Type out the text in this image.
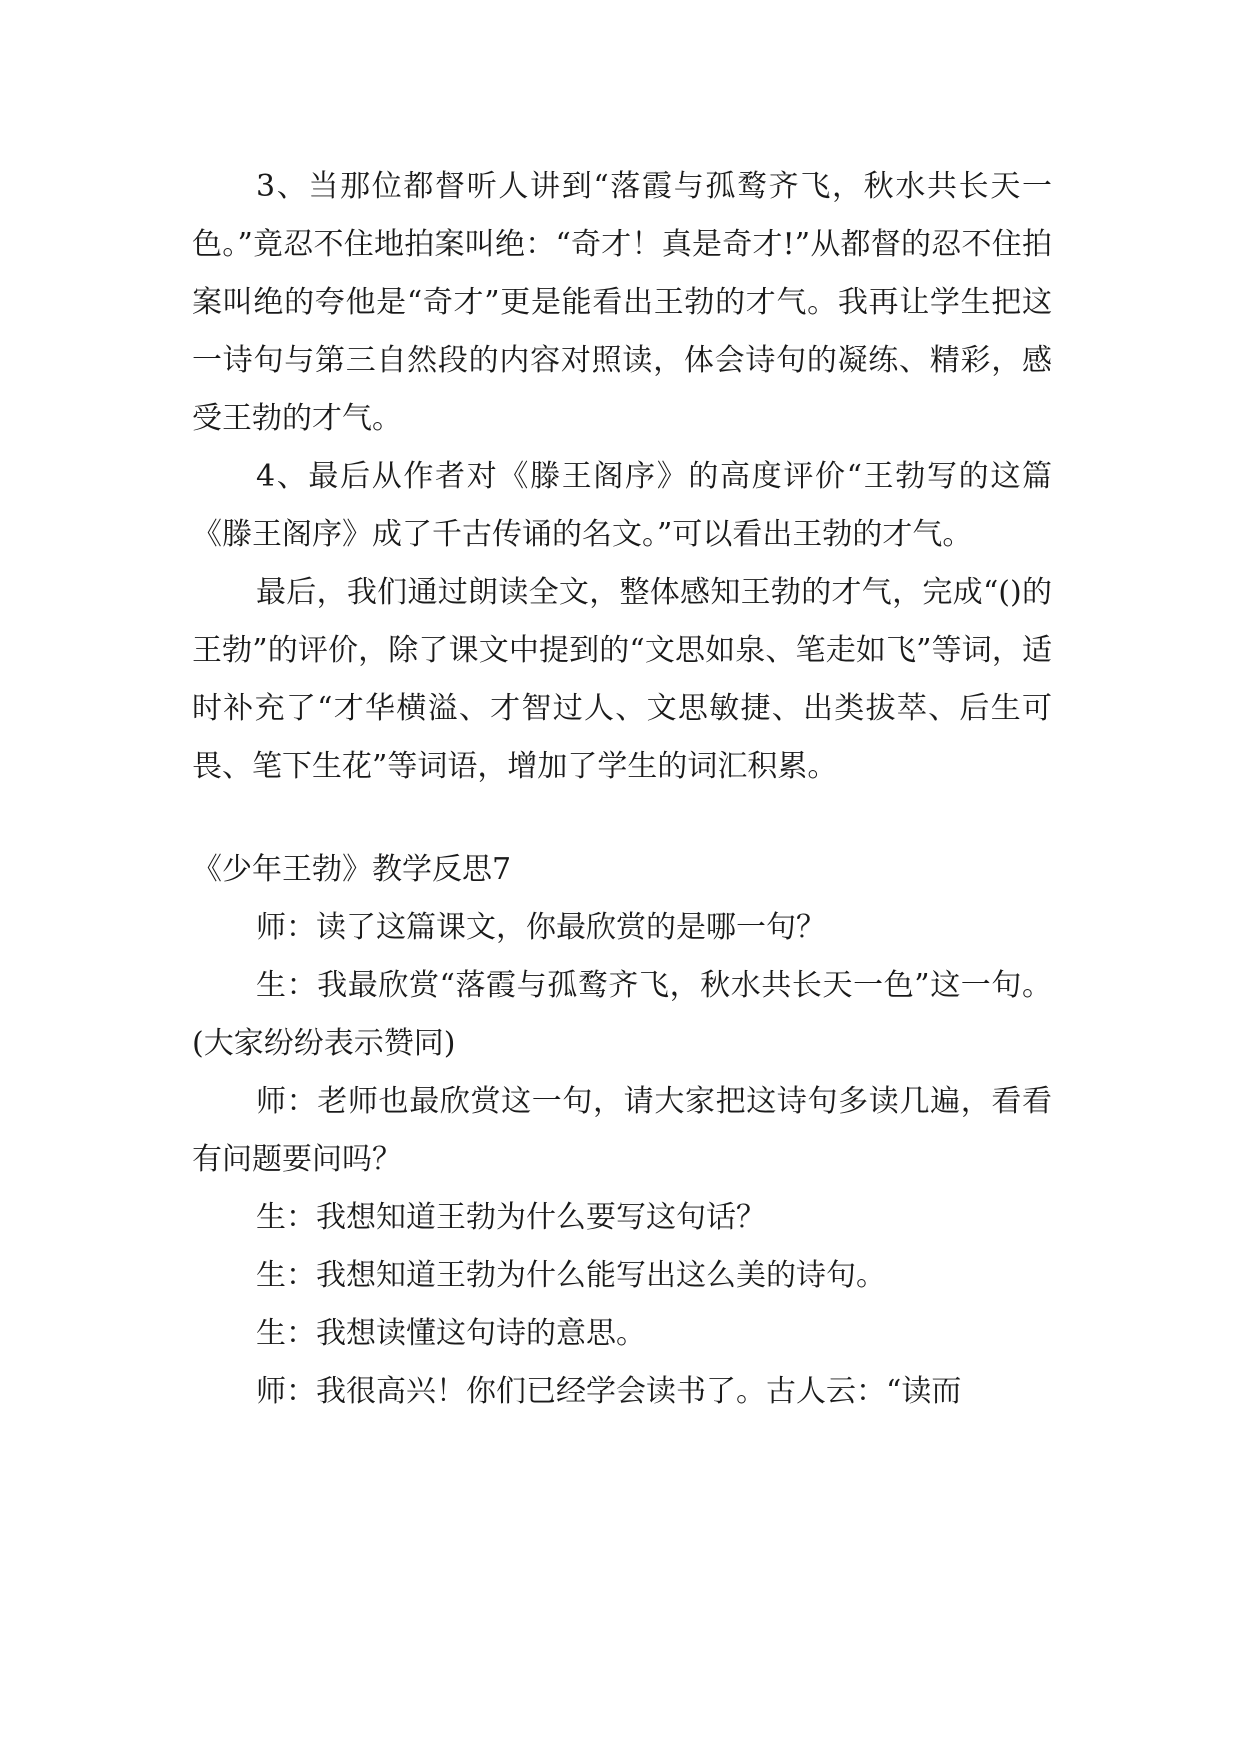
3、当那位都督听人讲到“落霞与孤鹜齐飞，秋水共长天一色。”竟忍不住地拍案叫绝：“奇才！真是奇才!”从都督的忍不住拍案叫绝的夸他是“奇才”更是能看出王勃的才气。我再让学生把这一诗句与第三自然段的内容对照读，体会诗句的凝练、精彩，感受王勃的才气。

4、最后从作者对《滕王阁序》的高度评价“王勃写的这篇《滕王阁序》成了千古传诵的名文。”可以看出王勃的才气。

最后，我们通过朗读全文，整体感知王勃的才气，完成“()的王勃”的评价，除了课文中提到的“文思如泉、笔走如飞”等词，适时补充了“才华横溢、才智过人、文思敏捷、出类拔萃、后生可畏、笔下生花”等词语，增加了学生的词汇积累。

《少年王勃》教学反思7

师：读了这篇课文，你最欣赏的是哪一句？

生：我最欣赏“落霞与孤鹜齐飞，秋水共长天一色”这一句。(大家纷纷表示赞同)

师：老师也最欣赏这一句，请大家把这诗句多读几遍，看看有问题要问吗？

生：我想知道王勃为什么要写这句话？

生：我想知道王勃为什么能写出这么美的诗句。

生：我想读懂这句诗的意思。

师：我很高兴！你们已经学会读书了。古人云：“读而
